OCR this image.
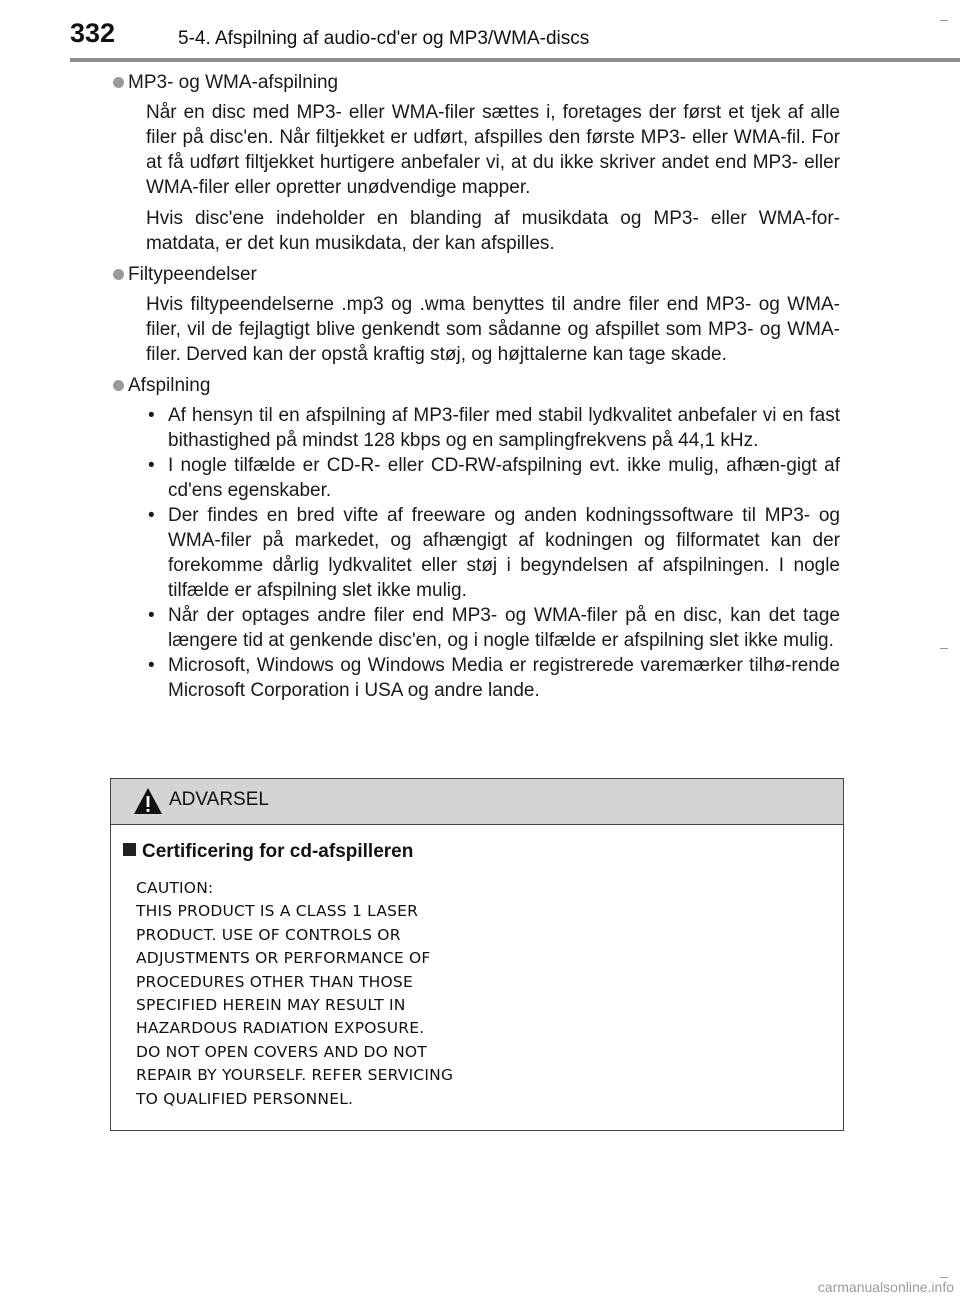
332	5-4. Afspilning af audio-cd'er og MP3/WMA-discs

MP3- og WMA-afspilning

Når en disc med MP3- eller WMA-filer sættes i, foretages der først et tjek af alle filer på disc'en. Når filtjekket er udført, afspilles den første MP3- eller WMA-fil. For at få udført filtjekket hurtigere anbefaler vi, at du ikke skriver andet end MP3- eller WMA-filer eller opretter unødvendige mapper.

Hvis disc'ene indeholder en blanding af musikdata og MP3- eller WMA-for-matdata, er det kun musikdata, der kan afspilles.

Filtypeendelser

Hvis filtypeendelserne .mp3 og .wma benyttes til andre filer end MP3- og WMA-filer, vil de fejlagtigt blive genkendt som sådanne og afspillet som MP3- og WMA-filer. Derved kan der opstå kraftig støj, og højttalerne kan tage skade.

Afspilning

• Af hensyn til en afspilning af MP3-filer med stabil lydkvalitet anbefaler vi en fast bithastighed på mindst 128 kbps og en samplingfrekvens på 44,1 kHz.
• I nogle tilfælde er CD-R- eller CD-RW-afspilning evt. ikke mulig, afhæn-gigt af cd'ens egenskaber.
• Der findes en bred vifte af freeware og anden kodningssoftware til MP3- og WMA-filer på markedet, og afhængigt af kodningen og filformatet kan der forekomme dårlig lydkvalitet eller støj i begyndelsen af afspilningen. I nogle tilfælde er afspilning slet ikke mulig.
• Når der optages andre filer end MP3- og WMA-filer på en disc, kan det tage længere tid at genkende disc'en, og i nogle tilfælde er afspilning slet ikke mulig.
• Microsoft, Windows og Windows Media er registrerede varemærker tilhø-rende Microsoft Corporation i USA og andre lande.
ADVARSEL
Certificering for cd-afspilleren
CAUTION:
THIS PRODUCT IS A CLASS 1 LASER
PRODUCT. USE OF CONTROLS OR
ADJUSTMENTS OR PERFORMANCE OF
PROCEDURES OTHER THAN THOSE
SPECIFIED HEREIN MAY RESULT IN
HAZARDOUS RADIATION EXPOSURE.
DO NOT OPEN COVERS AND DO NOT
REPAIR BY YOURSELF. REFER SERVICING
TO QUALIFIED PERSONNEL.
carmanualsonline.info
